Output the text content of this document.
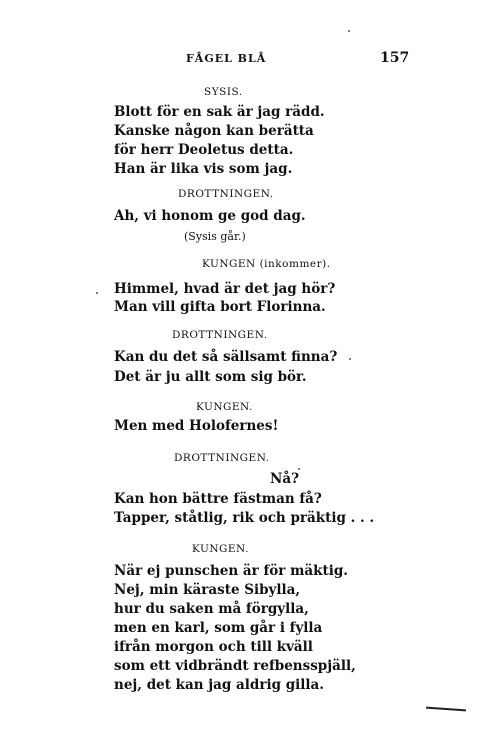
FÅGEL BLÅ	157
SYSIS.
Blott för en sak är jag rädd.
Kanske någon kan berätta
för herr Deoletus detta.
Han är lika vis som jag.
DROTTNINGEN.
Ah, vi honom ge god dag.
(Sysis går.)
KUNGEN (inkommer).
Himmel, hvad är det jag hör?
Man vill gifta bort Florinna.
DROTTNINGEN.
Kan du det så sällsamt finna?
Det är ju allt som sig bör.
KUNGEN.
Men med Holofernes!
DROTTNINGEN.
Nå?
Kan hon bättre fästman få?
Tapper, ståtlig, rik och präktig . . .
KUNGEN.
När ej punschen är för mäktig.
Nej, min käraste Sibylla,
hur du saken må förgylla,
men en karl, som går i fylla
ifrån morgon och till kväll
som ett vidbrändt refbensspjäll,
nej, det kan jag aldrig gilla.
